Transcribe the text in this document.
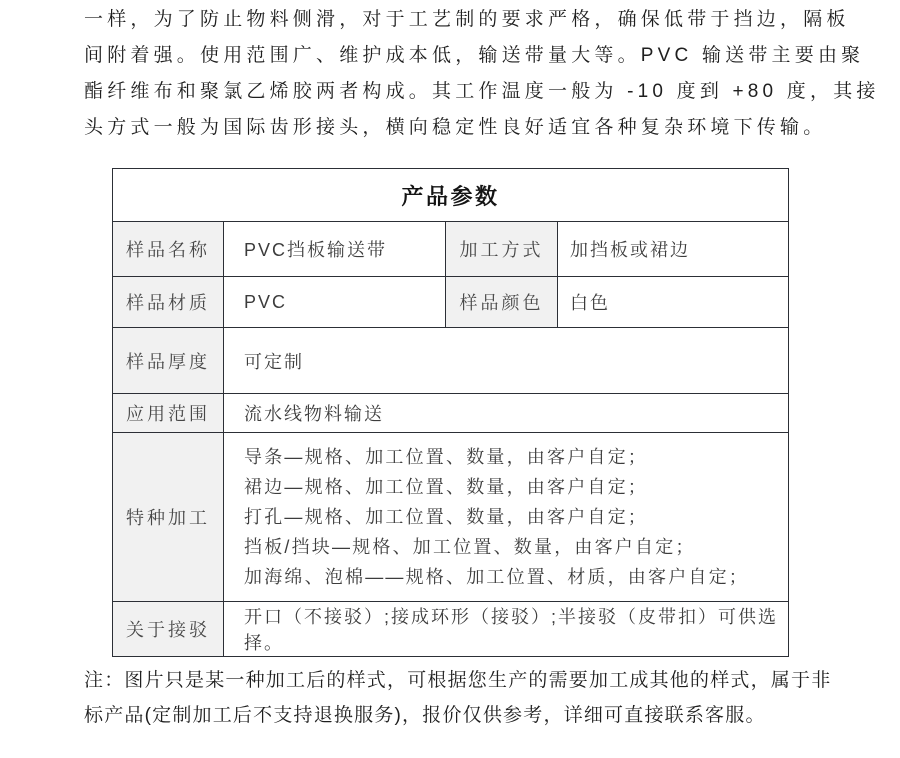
一样，为了防止物料侧滑，对于工艺制的要求严格，确保低带于挡边，隔板
间附着强。使用范围广、维护成本低，输送带量大等。PVC 输送带主要由聚
酯纤维布和聚氯乙烯胶两者构成。其工作温度一般为 -10 度到 +80 度，其接
头方式一般为国际齿形接头，横向稳定性良好适宜各种复杂环境下传输。
产品参数			
样品名称	PVC挡板输送带	加工方式	加挡板或裙边
样品材质	PVC	样品颜色	白色
样品厚度	可定制		
应用范围	流水线物料输送		
特种加工	导条—规格、加工位置、数量，由客户自定；
裙边—规格、加工位置、数量，由客户自定；
打孔—规格、加工位置、数量，由客户自定；
挡板/挡块—规格、加工位置、数量，由客户自定；
加海绵、泡棉——规格、加工位置、材质，由客户自定；		

关于接驳	开口（不接驳）;接成环形（接驳）;半接驳（皮带扣）可供选择。		
注：图片只是某一种加工后的样式，可根据您生产的需要加工成其他的样式，属于非
标产品(定制加工后不支持退换服务)，报价仅供参考，详细可直接联系客服。
